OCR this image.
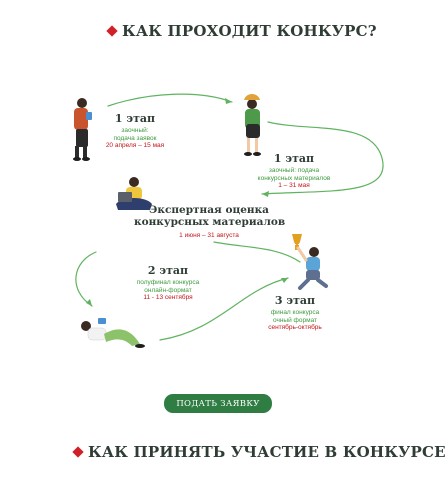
КАК ПРОХОДИТ КОНКУРС?
1 этап
заочный:
подача заявок
20 апреля – 15 мая
1 этап
заочный: подача
конкурсных материалов
1 – 31 мая
Экспертная оценка
конкурсных материалов
1 июня – 31 августа
2 этап
полуфинал конкурса
онлайн-формат
11 - 13 сентября	3 этап
финал конкурса
очный формат
сентябрь-октябрь
ПОДАТЬ ЗАЯВКУ
КАК ПРИНЯТЬ УЧАСТИЕ В КОНКУРСЕ
